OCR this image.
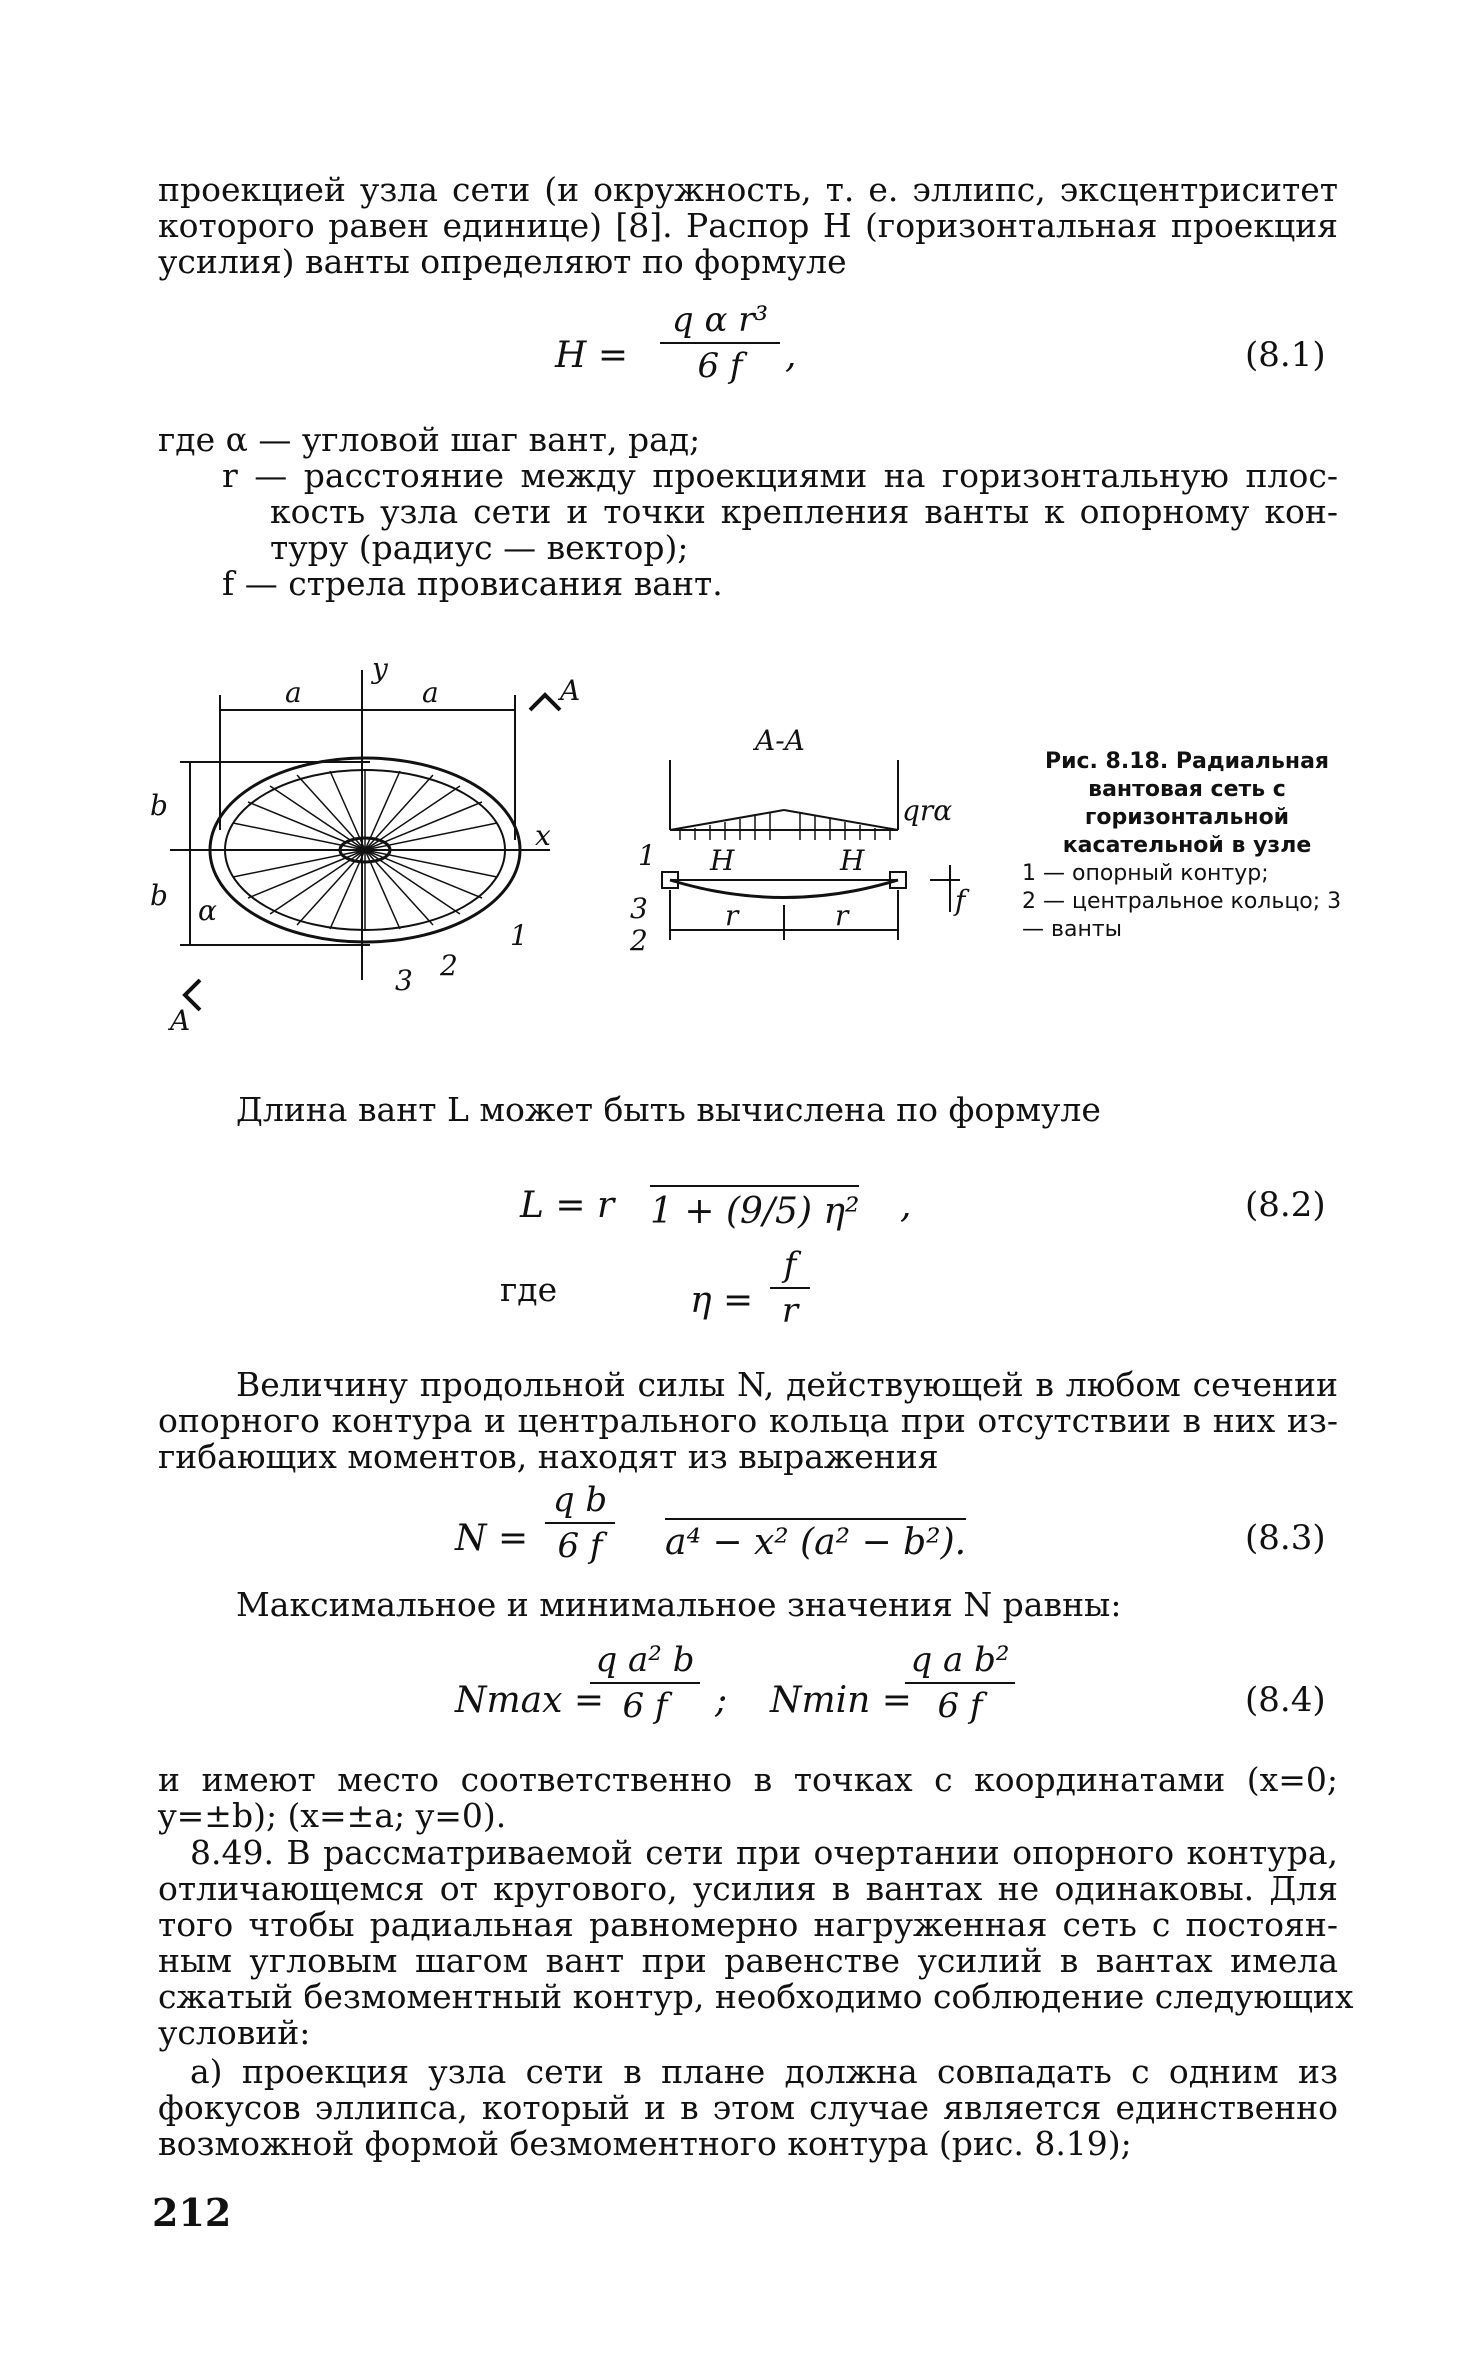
проекцией узла сети (и окружность, т. е. эллипс, эксцентриситет
которого равен единице) [8]. Распор H (горизонтальная проекция
усилия) ванты определяют по формуле
H =
q α r³
6 f	,	(8.1)
где α — угловой шаг вант, рад;
r — расстояние между проекциями на горизонтальную плос-
кость узла сети и точки крепления ванты к опорному кон-
туру (радиус — вектор);
f — стрела провисания вант.
a	a
y
x
b
b α
1
2
3
A
A
A-A
H	H
r	r
qrα
1
2
3	f
Рис. 8.18. Радиальная вантовая сеть с горизонтальной касательной в узле
1 — опорный контур;
2 — центральное кольцо; 3 — ванты
Длина вант L может быть вычислена по формуле
L = r 1 + (9/5) η² ,	(8.2)
где	η =
f
r
Величину продольной силы N, действующей в любом сечении
опорного контура и центрального кольца при отсутствии в них из-
гибающих моментов, находят из выражения
N =
q b
6 f	a⁴ − x² (a² − b²).	(8.3)
Максимальное и минимальное значения N равны:
Nmax =
q a² b
6 f	; Nmin =
q a b²
6 f	(8.4)
и имеют место соответственно в точках с координатами (x=0;
y=±b); (x=±a; y=0).
8.49. В рассматриваемой сети при очертании опорного контура,
отличающемся от кругового, усилия в вантах не одинаковы. Для
того чтобы радиальная равномерно нагруженная сеть с постоян-
ным угловым шагом вант при равенстве усилий в вантах имела
сжатый безмоментный контур, необходимо соблюдение следующих
условий:
а) проекция узла сети в плане должна совпадать с одним из
фокусов эллипса, который и в этом случае является единственно
возможной формой безмоментного контура (рис. 8.19);
212
